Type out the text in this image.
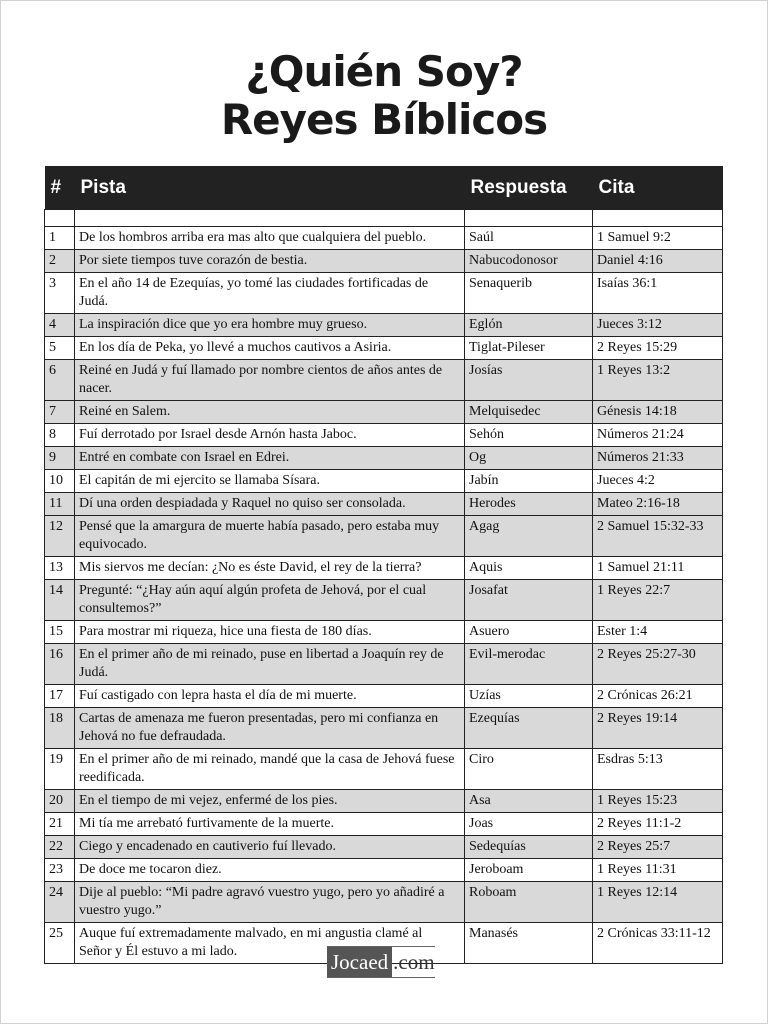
¿Quién Soy?
Reyes Bíblicos
#	Pista	Respuesta	Cita

1	De los hombros arriba era mas alto que cualquiera del pueblo.	Saúl	1 Samuel 9:2
2	Por siete tiempos tuve corazón de bestia.	Nabucodonosor	Daniel 4:16
3	En el año 14 de Ezequías, yo tomé las ciudades fortificadas de Judá.	Senaquerib	Isaías 36:1
4	La inspiración dice que yo era hombre muy grueso.	Eglón	Jueces 3:12
5	En los día de Peka, yo llevé a muchos cautivos a Asiria.	Tiglat-Pileser	2 Reyes 15:29
6	Reiné en Judá y fuí llamado por nombre cientos de años antes de nacer.	Josías	1 Reyes 13:2
7	Reiné en Salem.	Melquisedec	Génesis 14:18
8	Fuí derrotado por Israel desde Arnón hasta Jaboc.	Sehón	Números 21:24
9	Entré en combate con Israel en Edrei.	Og	Números 21:33
10	El capitán de mi ejercito se llamaba Sísara.	Jabín	Jueces 4:2
11	Dí una orden despiadada y Raquel no quiso ser consolada.	Herodes	Mateo 2:16-18
12	Pensé que la amargura de muerte había pasado, pero estaba muy equivocado.	Agag	2 Samuel 15:32-33
13	Mis siervos me decían: ¿No es éste David, el rey de la tierra?	Aquis	1 Samuel 21:11
14	Pregunté: “¿Hay aún aquí algún profeta de Jehová, por el cual consultemos?”	Josafat	1 Reyes 22:7
15	Para mostrar mi riqueza, hice una fiesta de 180 días.	Asuero	Ester 1:4
16	En el primer año de mi reinado, puse en libertad a Joaquín rey de Judá.	Evil-merodac	2 Reyes 25:27-30
17	Fuí castigado con lepra hasta el día de mi muerte.	Uzías	2 Crónicas 26:21
18	Cartas de amenaza me fueron presentadas, pero mi confianza en Jehová no fue defraudada.	Ezequías	2 Reyes 19:14
19	En el primer año de mi reinado, mandé que la casa de Jehová fuese reedificada.	Ciro	Esdras 5:13
20	En el tiempo de mi vejez, enfermé de los pies.	Asa	1 Reyes 15:23
21	Mi tía me arrebató furtivamente de la muerte.	Joas	2 Reyes 11:1-2
22	Ciego y encadenado en cautiverio fuí llevado.	Sedequías	2 Reyes 25:7
23	De doce me tocaron diez.	Jeroboam	1 Reyes 11:31
24	Dije al pueblo: “Mi padre agravó vuestro yugo, pero yo añadiré a vuestro yugo.”	Roboam	1 Reyes 12:14
25	Auque fuí extremadamente malvado, en mi angustia clamé al Señor y Él estuvo a mi lado.	Manasés	2 Crónicas 33:11-12
Jocaed .com
